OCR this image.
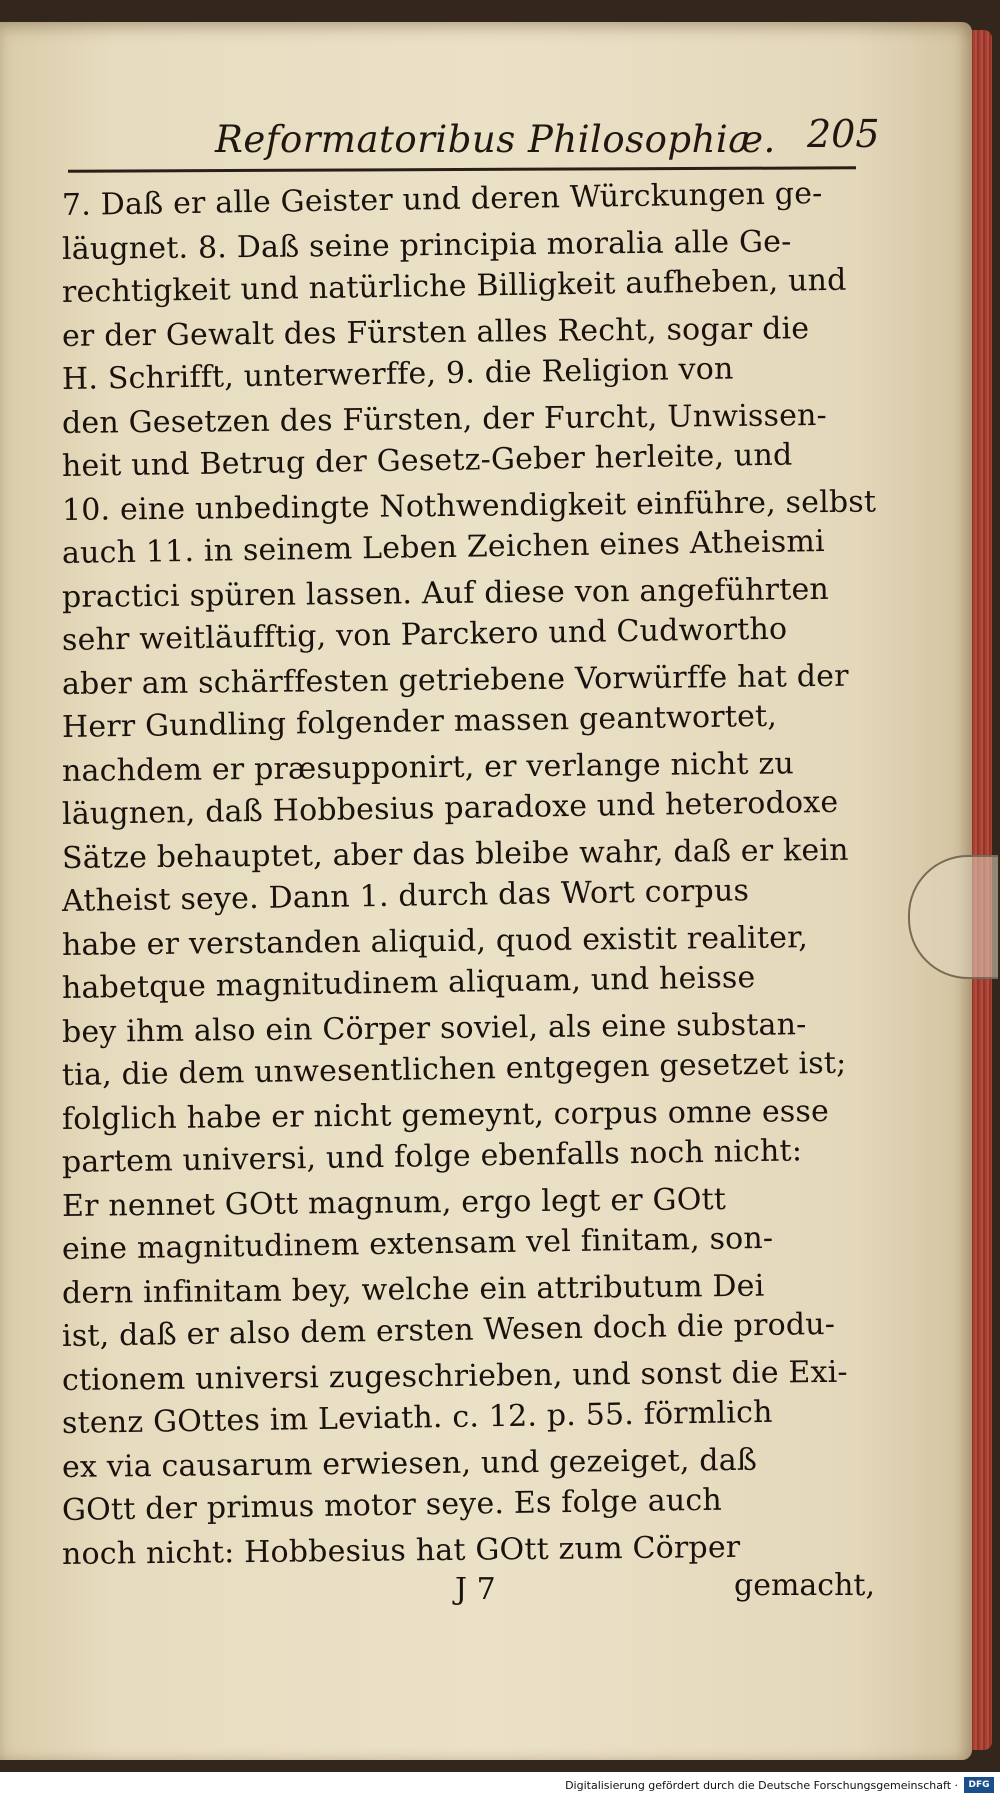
Reformatoribus Philosophiæ. 205
7. Daß er alle Geister und deren Würckungen ge-
läugnet. 8. Daß seine principia moralia alle Ge-
rechtigkeit und natürliche Billigkeit aufheben, und
er der Gewalt des Fürsten alles Recht, sogar die
H. Schrifft, unterwerffe, 9. die Religion von
den Gesetzen des Fürsten, der Furcht, Unwissen-
heit und Betrug der Gesetz-Geber herleite, und
10. eine unbedingte Nothwendigkeit einführe, selbst
auch 11. in seinem Leben Zeichen eines Atheismi
practici spüren lassen. Auf diese von angeführten
sehr weitläufftig, von Parckero und Cudwortho
aber am schärffesten getriebene Vorwürffe hat der
Herr Gundling folgender massen geantwortet,
nachdem er præsupponirt, er verlange nicht zu
läugnen, daß Hobbesius paradoxe und heterodoxe
Sätze behauptet, aber das bleibe wahr, daß er kein
Atheist seye. Dann 1. durch das Wort corpus
habe er verstanden aliquid, quod existit realiter,
habetque magnitudinem aliquam, und heisse
bey ihm also ein Cörper soviel, als eine substan-
tia, die dem unwesentlichen entgegen gesetzet ist;
folglich habe er nicht gemeynt, corpus omne esse
partem universi, und folge ebenfalls noch nicht:
Er nennet GOtt magnum, ergo legt er GOtt
eine magnitudinem extensam vel finitam, son-
dern infinitam bey, welche ein attributum Dei
ist, daß er also dem ersten Wesen doch die produ-
ctionem universi zugeschrieben, und sonst die Exi-
stenz GOttes im Leviath. c. 12. p. 55. förmlich
ex via causarum erwiesen, und gezeiget, daß
GOtt der primus motor seye. Es folge auch
noch nicht: Hobbesius hat GOtt zum Cörper
J 7	gemacht,
Digitalisierung gefördert durch die Deutsche Forschungsgemeinschaft ·	DFG
